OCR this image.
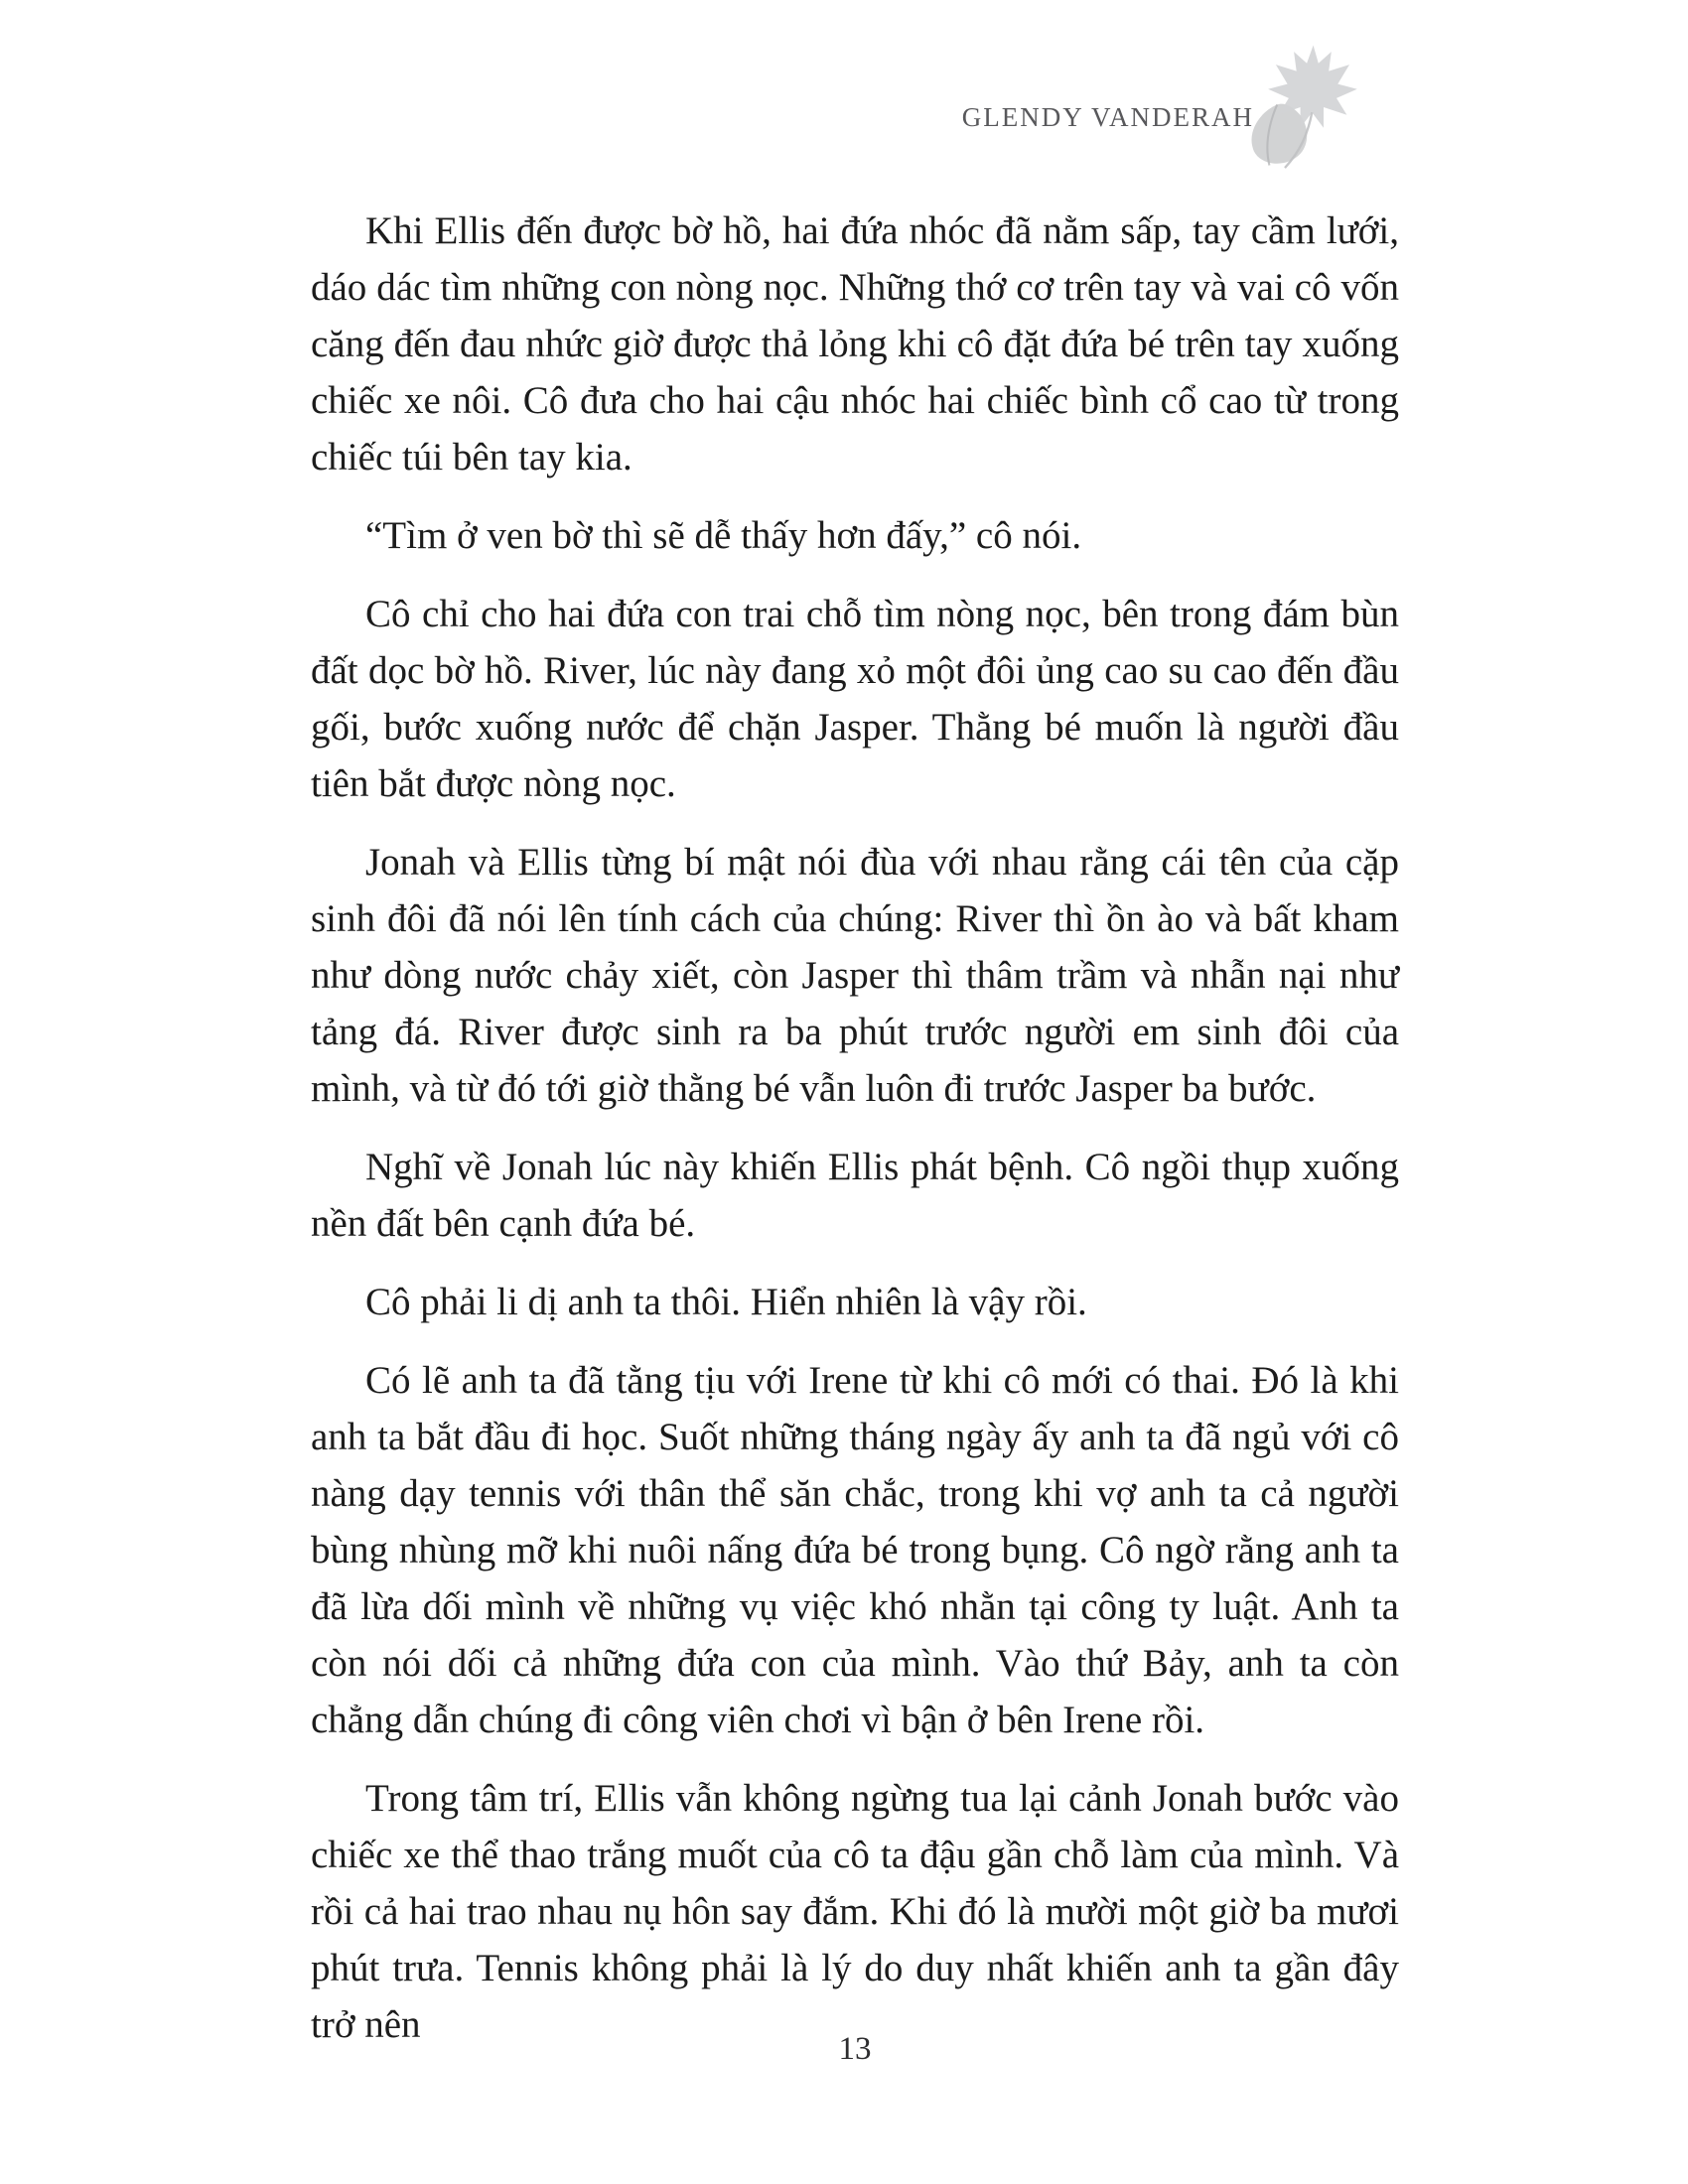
GLENDY VANDERAH

Khi Ellis đến được bờ hồ, hai đứa nhóc đã nằm sấp, tay cầm lưới, dáo dác tìm những con nòng nọc. Những thớ cơ trên tay và vai cô vốn căng đến đau nhức giờ được thả lỏng khi cô đặt đứa bé trên tay xuống chiếc xe nôi. Cô đưa cho hai cậu nhóc hai chiếc bình cổ cao từ trong chiếc túi bên tay kia.

“Tìm ở ven bờ thì sẽ dễ thấy hơn đấy,” cô nói.

Cô chỉ cho hai đứa con trai chỗ tìm nòng nọc, bên trong đám bùn đất dọc bờ hồ. River, lúc này đang xỏ một đôi ủng cao su cao đến đầu gối, bước xuống nước để chặn Jasper. Thằng bé muốn là người đầu tiên bắt được nòng nọc.

Jonah và Ellis từng bí mật nói đùa với nhau rằng cái tên của cặp sinh đôi đã nói lên tính cách của chúng: River thì ồn ào và bất kham như dòng nước chảy xiết, còn Jasper thì thâm trầm và nhẫn nại như tảng đá. River được sinh ra ba phút trước người em sinh đôi của mình, và từ đó tới giờ thằng bé vẫn luôn đi trước Jasper ba bước.

Nghĩ về Jonah lúc này khiến Ellis phát bệnh. Cô ngồi thụp xuống nền đất bên cạnh đứa bé.

Cô phải li dị anh ta thôi. Hiển nhiên là vậy rồi.

Có lẽ anh ta đã tằng tịu với Irene từ khi cô mới có thai. Đó là khi anh ta bắt đầu đi học. Suốt những tháng ngày ấy anh ta đã ngủ với cô nàng dạy tennis với thân thể săn chắc, trong khi vợ anh ta cả người bùng nhùng mỡ khi nuôi nấng đứa bé trong bụng. Cô ngờ rằng anh ta đã lừa dối mình về những vụ việc khó nhằn tại công ty luật. Anh ta còn nói dối cả những đứa con của mình. Vào thứ Bảy, anh ta còn chẳng dẫn chúng đi công viên chơi vì bận ở bên Irene rồi.

Trong tâm trí, Ellis vẫn không ngừng tua lại cảnh Jonah bước vào chiếc xe thể thao trắng muốt của cô ta đậu gần chỗ làm của mình. Và rồi cả hai trao nhau nụ hôn say đắm. Khi đó là mười một giờ ba mươi phút trưa. Tennis không phải là lý do duy nhất khiến anh ta gần đây trở nên

13
